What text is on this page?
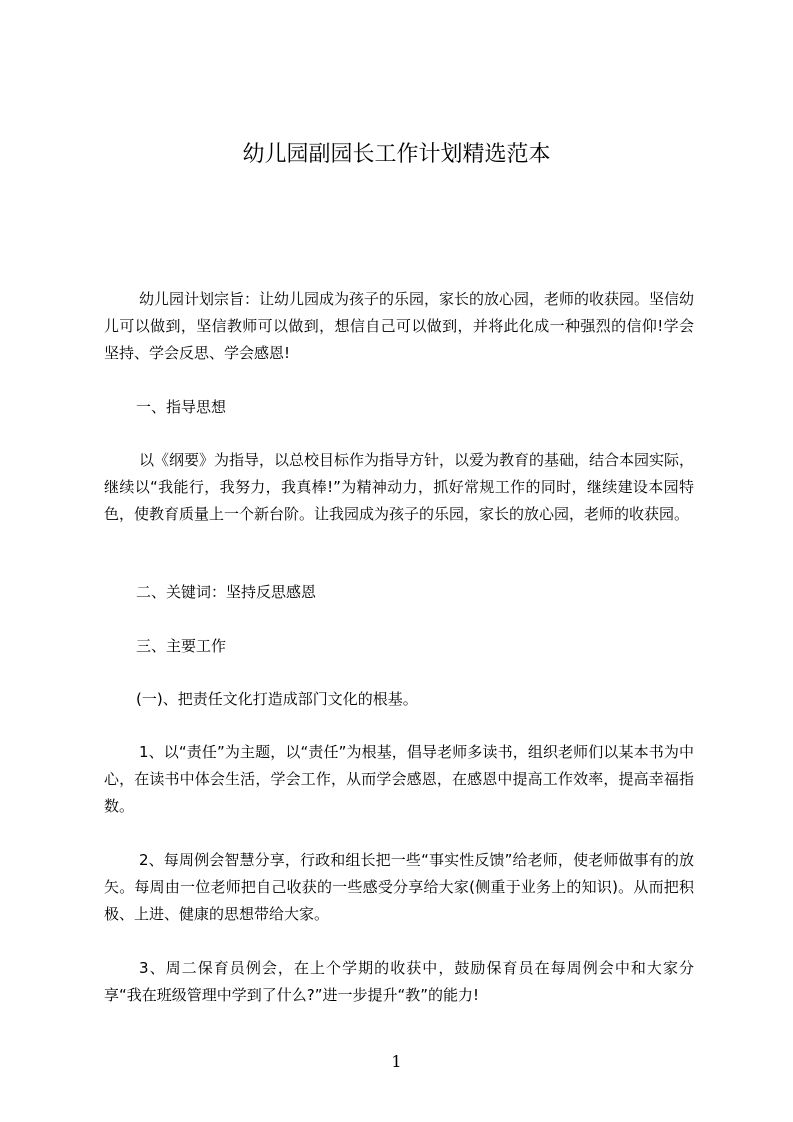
幼儿园副园长工作计划精选范本

幼儿园计划宗旨：让幼儿园成为孩子的乐园，家长的放心园，老师的收获园。坚信幼儿可以做到，坚信教师可以做到，想信自己可以做到，并将此化成一种强烈的信仰!学会坚持、学会反思、学会感恩!

一、指导思想

以《纲要》为指导，以总校目标作为指导方针，以爱为教育的基础，结合本园实际，继续以“我能行，我努力，我真棒!”为精神动力，抓好常规工作的同时，继续建设本园特色，使教育质量上一个新台阶。让我园成为孩子的乐园，家长的放心园，老师的收获园。

二、关键词：坚持反思感恩

三、主要工作

(一)、把责任文化打造成部门文化的根基。

1、以“责任”为主题，以“责任”为根基，倡导老师多读书，组织老师们以某本书为中心，在读书中体会生活，学会工作，从而学会感恩，在感恩中提高工作效率，提高幸福指数。

2、每周例会智慧分享，行政和组长把一些“事实性反馈”给老师，使老师做事有的放矢。每周由一位老师把自己收获的一些感受分享给大家(侧重于业务上的知识)。从而把积极、上进、健康的思想带给大家。

3、周二保育员例会，在上个学期的收获中，鼓励保育员在每周例会中和大家分享“我在班级管理中学到了什么?”进一步提升“教”的能力!

1
